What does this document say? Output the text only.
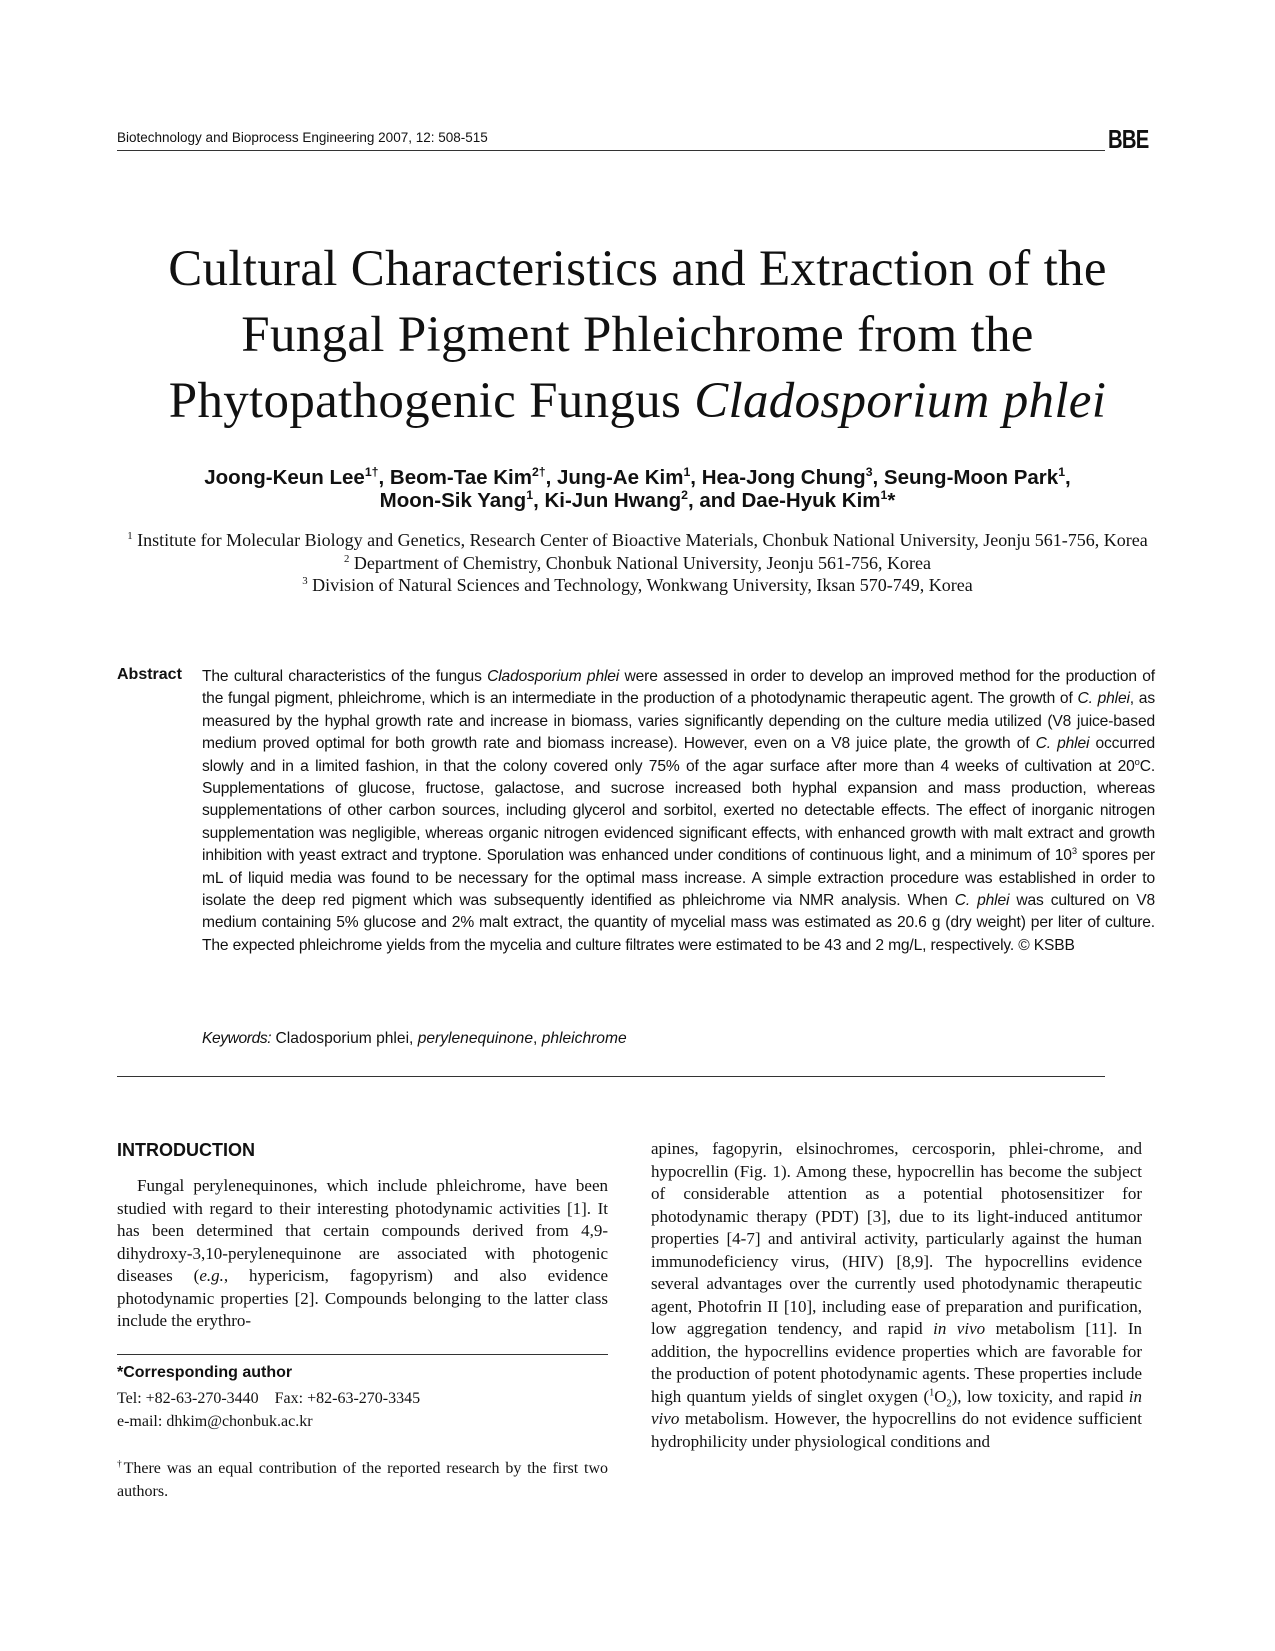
Biotechnology and Bioprocess Engineering 2007, 12: 508-515	BBE
Cultural Characteristics and Extraction of the Fungal Pigment Phleichrome from the Phytopathogenic Fungus Cladosporium phlei
Joong-Keun Lee$^{1\dagger}$, Beom-Tae Kim$^{2\dagger}$, Jung-Ae Kim$^1$, Hea-Jong Chung$^3$, Seung-Moon Park$^1$,
Moon-Sik Yang$^1$, Ki-Jun Hwang$^2$, and Dae-Hyuk Kim$^1$*
$^1$ Institute for Molecular Biology and Genetics, Research Center of Bioactive Materials, Chonbuk National University, Jeonju 561-756, Korea
$^2$ Department of Chemistry, Chonbuk National University, Jeonju 561-756, Korea
$^3$ Division of Natural Sciences and Technology, Wonkwang University, Iksan 570-749, Korea
Abstract The cultural characteristics of the fungus Cladosporium phlei were assessed in order to develop an improved method for the production of the fungal pigment, phleichrome, which is an intermediate in the production of a photodynamic therapeutic agent. The growth of C. phlei, as measured by the hyphal growth rate and increase in biomass, varies significantly depending on the culture media utilized (V8 juice-based medium proved optimal for both growth rate and biomass increase). However, even on a V8 juice plate, the growth of C. phlei occurred slowly and in a limited fashion, in that the colony covered only 75% of the agar surface after more than 4 weeks of cultivation at 20$^o$C. Supplementations of glucose, fructose, galactose, and sucrose increased both hyphal expansion and mass production, whereas supplementations of other carbon sources, including glycerol and sorbitol, exerted no detectable effects. The effect of inorganic nitrogen supplementation was negligible, whereas organic nitrogen evidenced significant effects, with enhanced growth with malt extract and growth inhibition with yeast extract and tryptone. Sporulation was enhanced under conditions of continuous light, and a minimum of $10^3$ spores per mL of liquid media was found to be necessary for the optimal mass increase. A simple extraction procedure was established in order to isolate the deep red pigment which was subsequently identified as phleichrome via NMR analysis. When C. phlei was cultured on V8 medium containing 5% glucose and 2% malt extract, the quantity of mycelial mass was estimated as 20.6 g (dry weight) per liter of culture. The expected phleichrome yields from the mycelia and culture filtrates were estimated to be 43 and 2 mg/L, respectively. © KSBB
Keywords: Cladosporium phlei, perylenequinone, phleichrome
INTRODUCTION

Fungal perylenequinones, which include phleichrome, have been studied with regard to their interesting photodynamic activities [1]. It has been determined that certain compounds derived from 4,9-dihydroxy-3,10-perylenequinone are associated with photogenic diseases (e.g., hypericism, fagopyrism) and also evidence photodynamic properties [2]. Compounds belonging to the latter class include the erythro-

*Corresponding author
Tel: +82-63-270-3440 Fax: +82-63-270-3345
e-mail: dhkim@chonbuk.ac.kr
†There was an equal contribution of the reported research by the first two authors.
apines, fagopyrin, elsinochromes, cercosporin, phlei-chrome, and hypocrellin (Fig. 1). Among these, hypocrellin has become the subject of considerable attention as a potential photosensitizer for photodynamic therapy (PDT) [3], due to its light-induced antitumor properties [4-7] and antiviral activity, particularly against the human immunodeficiency virus, (HIV) [8,9]. The hypocrellins evidence several advantages over the currently used photodynamic therapeutic agent, Photofrin II [10], including ease of preparation and purification, low aggregation tendency, and rapid in vivo metabolism [11]. In addition, the hypocrellins evidence properties which are favorable for the production of potent photodynamic agents. These properties include high quantum yields of singlet oxygen $(^1O_2)$, low toxicity, and rapid in vivo metabolism. However, the hypocrellins do not evidence sufficient hydrophilicity under physiological conditions and
